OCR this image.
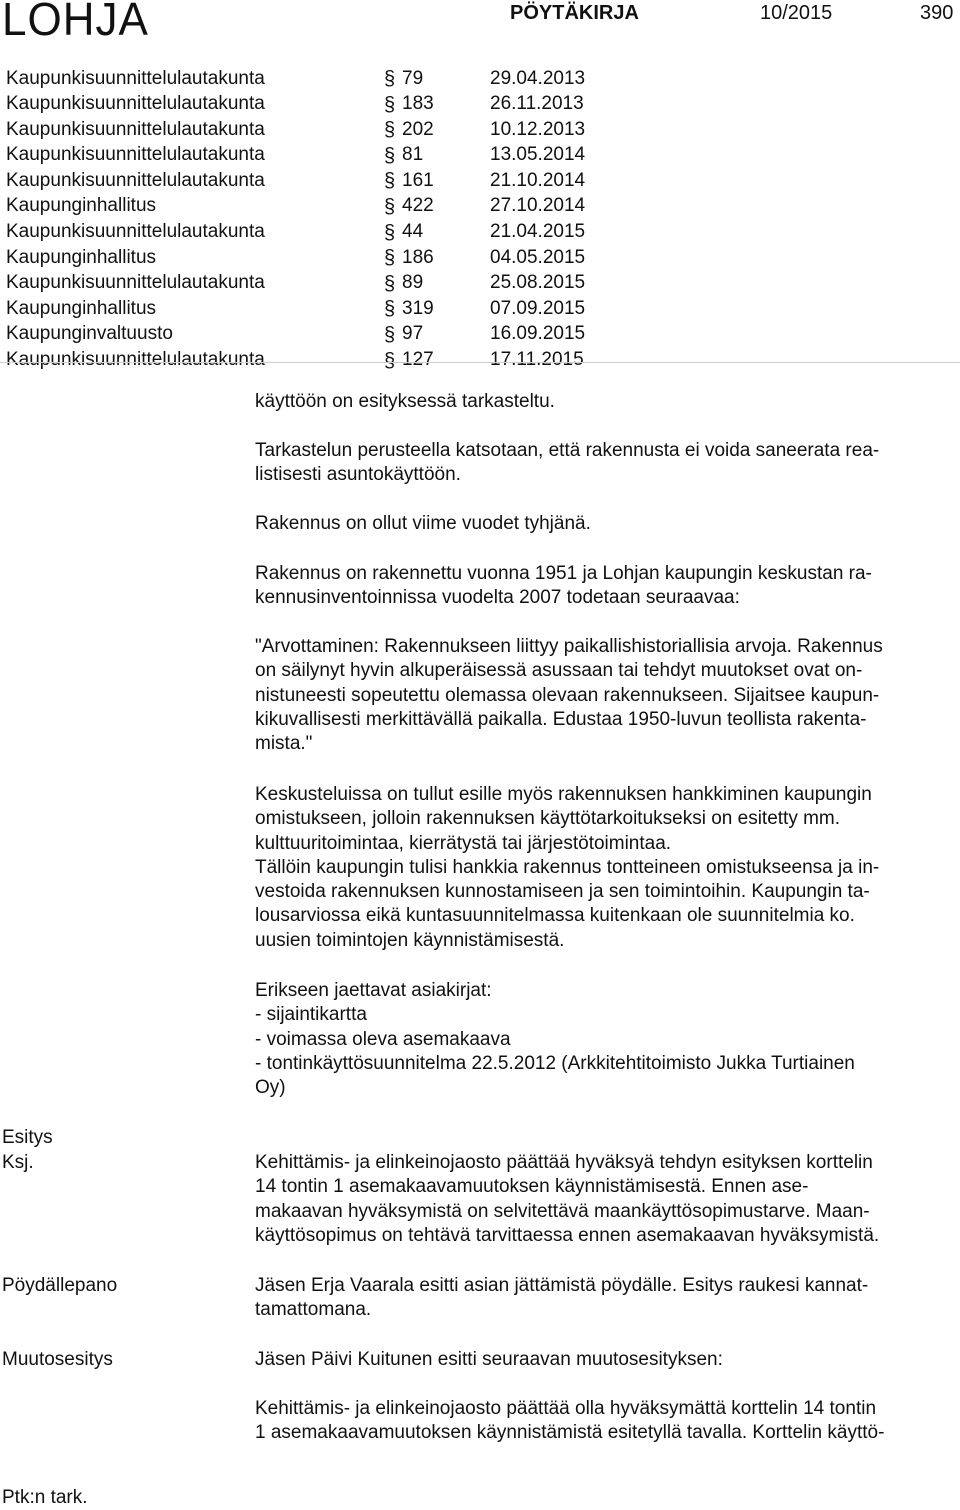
LOHJA	PÖYTÄKIRJA	10/2015	390
Kaupunkisuunnittelulautakunta	§	79	29.04.2013
Kaupunkisuunnittelulautakunta	§	183	26.11.2013
Kaupunkisuunnittelulautakunta	§	202	10.12.2013
Kaupunkisuunnittelulautakunta	§	81	13.05.2014
Kaupunkisuunnittelulautakunta	§	161	21.10.2014
Kaupunginhallitus	§	422	27.10.2014
Kaupunkisuunnittelulautakunta	§	44	21.04.2015
Kaupunginhallitus	§	186	04.05.2015
Kaupunkisuunnittelulautakunta	§	89	25.08.2015
Kaupunginhallitus	§	319	07.09.2015
Kaupunginvaltuusto	§	97	16.09.2015
Kaupunkisuunnittelulautakunta	§	127	17.11.2015

käyttöön on esityksessä tarkasteltu.

Tarkastelun perusteella katsotaan, että rakennusta ei voida saneerata rea-
listisesti asuntokäyttöön.

Rakennus on ollut viime vuodet tyhjänä.

Rakennus on rakennettu vuonna 1951 ja Lohjan kaupungin keskustan ra-
kennusinventoinnissa vuodelta 2007 todetaan seuraavaa:

"Arvottaminen: Rakennukseen liittyy paikallishistoriallisia arvoja. Rakennus
on säilynyt hyvin alkuperäisessä asussaan tai tehdyt muutokset ovat on-
nistuneesti sopeutettu olemassa olevaan rakennukseen. Sijaitsee kaupun-
kikuvallisesti merkittävällä paikalla. Edustaa 1950-luvun teollista rakenta-
mista."

Keskusteluissa on tullut esille myös rakennuksen hankkiminen kaupungin
omistukseen, jolloin rakennuksen käyttötarkoitukseksi on esitetty mm.
kulttuuritoimintaa, kierrätystä tai järjestötoimintaa.
Tällöin kaupungin tulisi hankkia rakennus tontteineen omistukseensa ja in-
vestoida rakennuksen kunnostamiseen ja sen toimintoihin. Kaupungin ta-
lousarviossa eikä kuntasuunnitelmassa kuitenkaan ole suunnitelmia ko.
uusien toimintojen käynnistämisestä.

Erikseen jaettavat asiakirjat:
- sijaintikartta
- voimassa oleva asemakaava
- tontinkäyttösuunnitelma 22.5.2012 (Arkkitehtitoimisto Jukka Turtiainen
Oy)

Kehittämis- ja elinkeinojaosto päättää hyväksyä tehdyn esityksen korttelin
14 tontin 1 asemakaavamuutoksen käynnistämisestä. Ennen ase-
makaavan hyväksymistä on selvitettävä maankäyttösopimustarve. Maan-
käyttösopimus on tehtävä tarvittaessa ennen asemakaavan hyväksymistä.

Jäsen Erja Vaarala esitti asian jättämistä pöydälle. Esitys raukesi kannat-
tamattomana.

Jäsen Päivi Kuitunen esitti seuraavan muutosesityksen:

Kehittämis- ja elinkeinojaosto päättää olla hyväksymättä korttelin 14 tontin
1 asemakaavamuutoksen käynnistämistä esitetyllä tavalla. Korttelin käyttö-

Esitys
Ksj.
Pöydällepano
Muutosesitys
Ptk:n tark.
